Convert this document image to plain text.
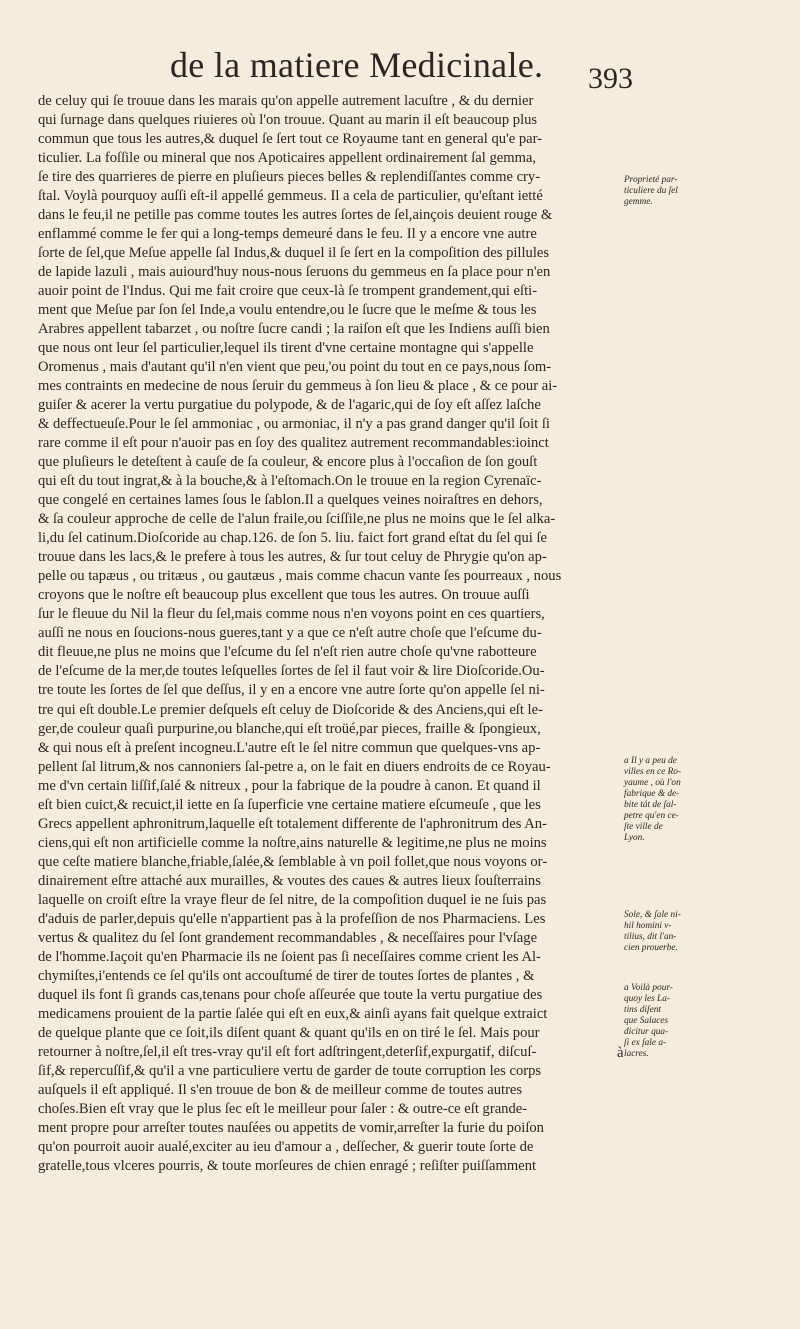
de la matiere Medicinale. 393
de celuy qui ſe trouue dans les marais qu'on appelle autrement lacuſtre , & du dernier
qui ſurnage dans quelques riuieres où l'on trouue. Quant au marin il eſt beaucoup plus
commun que tous les autres,& duquel ſe ſert tout ce Royaume tant en general qu'e par-
ticulier. La foſſile ou mineral que nos Apoticaires appellent ordinairement ſal gemma,
ſe tire des quarrieres de pierre en pluſieurs pieces belles & replendiſſantes comme cry-
ſtal. Voylà pourquoy auſſi eſt-il appellé gemmeus. Il a cela de particulier, qu'eſtant ietté
dans le feu,il ne petille pas comme toutes les autres ſortes de ſel,ainçois deuient rouge &
enflammé comme le fer qui a long-temps demeuré dans le feu. Il y a encore vne autre
ſorte de ſel,que Meſue appelle ſal Indus,& duquel il ſe ſert en la compoſition des pillules
de lapide lazuli , mais auiourd'huy nous-nous ſeruons du gemmeus en ſa place pour n'en
auoir point de l'Indus. Qui me fait croire que ceux-là ſe trompent grandement,qui eſti-
ment que Meſue par ſon ſel Inde,a voulu entendre,ou le ſucre que le meſme & tous les
Arabres appellent tabarzet , ou noſtre ſucre candi ; la raiſon eſt que les Indiens auſſi bien
que nous ont leur ſel particulier,lequel ils tirent d'vne certaine montagne qui s'appelle
Oromenus , mais d'autant qu'il n'en vient que peu,'ou point du tout en ce pays,nous ſom-
mes contraints en medecine de nous ſeruir du gemmeus à ſon lieu & place , & ce pour ai-
guiſer & acerer la vertu purgatiue du polypode, & de l'agaric,qui de ſoy eſt aſſez laſche
& deffectueuſe.Pour le ſel ammoniac , ou armoniac, il n'y a pas grand danger qu'il ſoit ſi
rare comme il eſt pour n'auoir pas en ſoy des qualitez autrement recommandables:ioinct
que pluſieurs le deteſtent à cauſe de ſa couleur, & encore plus à l'occaſion de ſon gouſt
qui eſt du tout ingrat,& à la bouche,& à l'eſtomach.On le trouue en la region Cyrenaïc-
que congelé en certaines lames ſous le ſablon.Il a quelques veines noiraſtres en dehors,
& ſa couleur approche de celle de l'alun fraile,ou ſciſſile,ne plus ne moins que le ſel alka-
li,du ſel catinum.Dioſcoride au chap.126. de ſon 5. liu. faict fort grand eſtat du ſel qui ſe
trouue dans les lacs,& le prefere à tous les autres, & ſur tout celuy de Phrygie qu'on ap-
pelle ou tapæus , ou tritæus , ou gautæus , mais comme chacun vante ſes pourreaux , nous
croyons que le noſtre eſt beaucoup plus excellent que tous les autres. On trouue auſſi
ſur le fleuue du Nil la fleur du ſel,mais comme nous n'en voyons point en ces quartiers,
auſſi ne nous en ſoucions-nous gueres,tant y a que ce n'eſt autre choſe que l'eſcume du-
dit fleuue,ne plus ne moins que l'eſcume du ſel n'eſt rien autre choſe qu'vne rabotteure
de l'eſcume de la mer,de toutes leſquelles ſortes de ſel il faut voir & lire Dioſcoride.Ou-
tre toute les ſortes de ſel que deſſus, il y en a encore vne autre ſorte qu'on appelle ſel ni-
tre qui eſt double.Le premier deſquels eſt celuy de Dioſcoride & des Anciens,qui eſt le-
ger,de couleur quaſi purpurine,ou blanche,qui eſt troüé,par pieces, fraille & ſpongieux,
& qui nous eſt à preſent incogneu.L'autre eſt le ſel nitre commun que quelques-vns ap-
pellent ſal litrum,& nos cannoniers ſal-petre a, on le fait en diuers endroits de ce Royau-
me d'vn certain liſſif,ſalé & nitreux , pour la fabrique de la poudre à canon. Et quand il
eſt bien cuict,& recuict,il iette en ſa ſuperficie vne certaine matiere eſcumeuſe , que les
Grecs appellent aphronitrum,laquelle eſt totalement differente de l'aphronitrum des An-
ciens,qui eſt non artificielle comme la noſtre,ains naturelle & legitime,ne plus ne moins
que ceſte matiere blanche,friable,ſalée,& ſemblable à vn poil follet,que nous voyons or-
dinairement eſtre attaché aux murailles, & voutes des caues & autres lieux ſouſterrains
laquelle on croiſt eſtre la vraye fleur de ſel nitre, de la compoſition duquel ie ne ſuis pas
d'aduis de parler,depuis qu'elle n'appartient pas à la profeſſion de nos Pharmaciens. Les
vertus & qualitez du ſel ſont grandement recommandables , & neceſſaires pour l'vſage
de l'homme.Iaçoit qu'en Pharmacie ils ne ſoient pas ſi neceſſaires comme crient les Al-
chymiſtes,i'entends ce ſel qu'ils ont accouſtumé de tirer de toutes ſortes de plantes , &
duquel ils font ſi grands cas,tenans pour choſe aſſeurée que toute la vertu purgatiue des
medicamens prouient de la partie ſalée qui eſt en eux,& ainſi ayans fait quelque extraict
de quelque plante que ce ſoit,ils diſent quant & quant qu'ils en on tiré le ſel. Mais pour
retourner à noſtre,ſel,il eſt tres-vray qu'il eſt fort adſtringent,deterſif,expurgatif, diſcuſ-
ſif,& repercuſſif,& qu'il a vne particuliere vertu de garder de toute corruption les corps
auſquels il eſt appliqué. Il s'en trouue de bon & de meilleur comme de toutes autres
choſes.Bien eſt vray que le plus ſec eſt le meilleur pour ſaler : & outre-ce eſt grande-
ment propre pour arreſter toutes nauſées ou appetits de vomir,arreſter la furie du poiſon
qu'on pourroit auoir aualé,exciter au ieu d'amour a , deſſecher, & guerir toute ſorte de
gratelle,tous vlceres pourris, & toute morſeures de chien enragé ; reſiſter puiſſamment
Proprieté par-
ticuliere du ſel
gemme.
a Il y a peu de
villes en ce Ro-
yaume , où l'on
fabrique & de-
bite tát de ſal-
petre qu'en ce-
ſte ville de
Lyon.
Sole, & ſale ni-
hil homini v-
tilius, dit l'an-
cien prouerbe.
a Voilà pour-
quoy les La-
tins diſent
que Salaces
dicitur qua-
ſi ex ſale a-
lacres.
à
